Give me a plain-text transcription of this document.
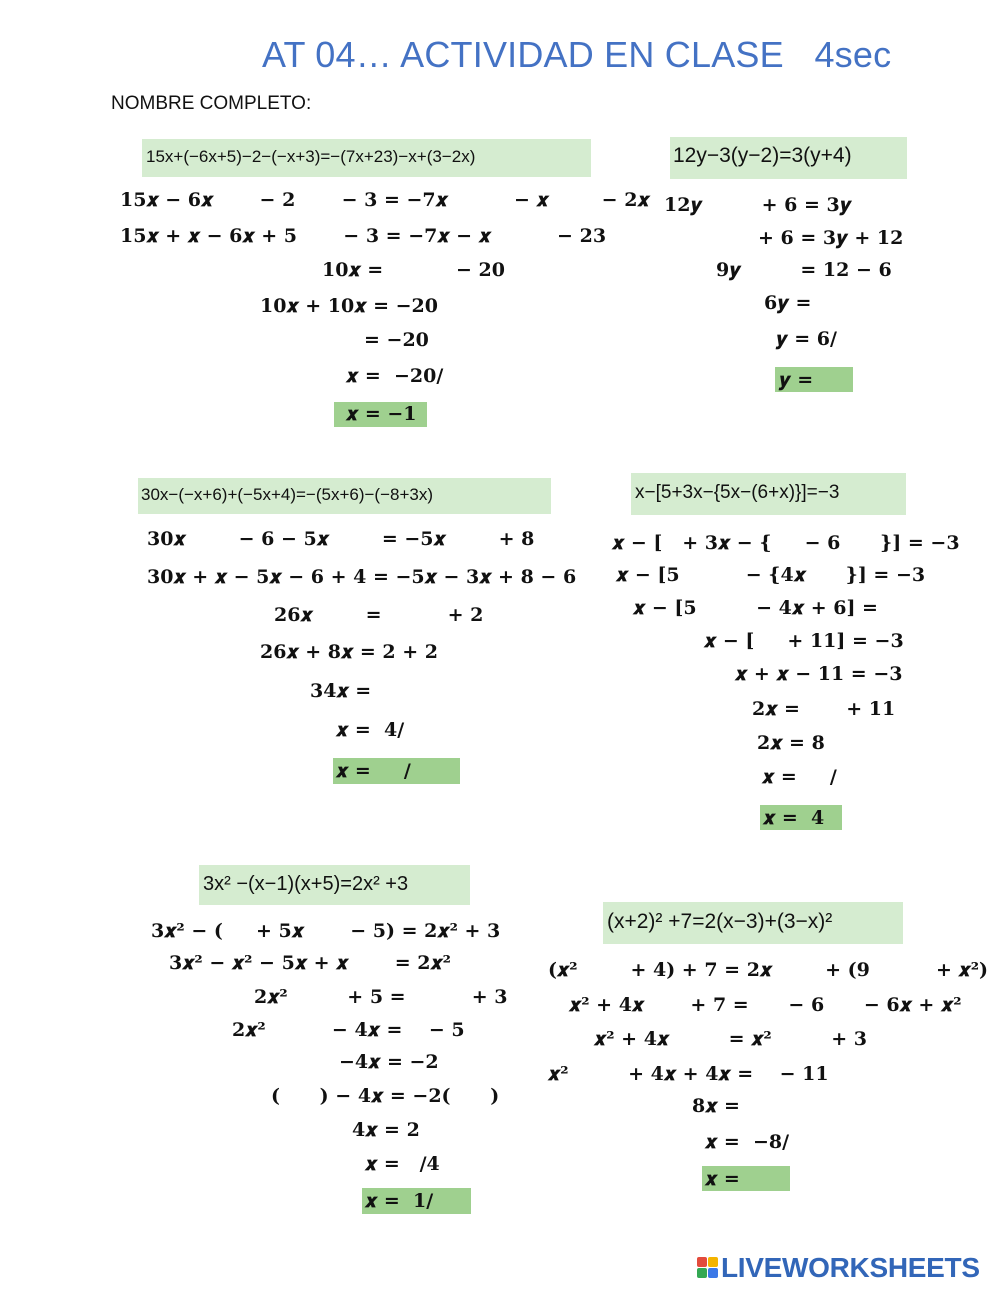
AT 04… ACTIVIDAD EN CLASE   4sec
NOMBRE COMPLETO:
15x+(−6x+5)−2−(−x+3)=−(7x+23)−x+(3−2x)
15𝒙 − 6𝒙       − 2       − 3 = −7𝒙          − 𝒙        − 2𝒙
15𝒙 + 𝒙 − 6𝒙 + 5       − 3 = −7𝒙 − 𝒙          − 23
10𝒙 =           − 20
10𝒙 + 10𝒙 = −20
= −20
𝒙 =  −20/
𝒙 = −1
12y−3(y−2)=3(y+4)
12𝒚         + 6 = 3𝒚
+ 6 = 3𝒚 + 12
9𝒚         = 12 − 6
6𝒚 =
𝒚 = 6/
𝒚 =
30x−(−x+6)+(−5x+4)=−(5x+6)−(−8+3x)
30𝒙        − 6 − 5𝒙        = −5𝒙        + 8
30𝒙 + 𝒙 − 5𝒙 − 6 + 4 = −5𝒙 − 3𝒙 + 8 − 6
26𝒙        =          + 2
26𝒙 + 8𝒙 = 2 + 2
34𝒙 =
𝒙 =  4/
𝒙 =     /
x−[5+3x−{5x−(6+x)}]=−3
𝒙 − [   + 3𝒙 − {     − 6      }] = −3
𝒙 − [5          − {4𝒙      }] = −3
𝒙 − [5         − 4𝒙 + 6] =
𝒙 − [     + 11] = −3
𝒙 + 𝒙 − 11 = −3
2𝒙 =       + 11
2𝒙 = 8
𝒙 =     /
𝒙 =  4
3x² −(x−1)(x+5)=2x² +3
3𝒙² − (     + 5𝒙       − 5) = 2𝒙² + 3
3𝒙² − 𝒙² − 5𝒙 + 𝒙       = 2𝒙²
2𝒙²         + 5 =          + 3
2𝒙²          − 4𝒙 =    − 5
−4𝒙 = −2
(      ) − 4𝒙 = −2(      )
4𝒙 = 2
𝒙 =   /4
𝒙 =  1/
(x+2)² +7=2(x−3)+(3−x)²
(𝒙²        + 4) + 7 = 2𝒙        + (9          + 𝒙²)
𝒙² + 4𝒙       + 7 =      − 6      − 6𝒙 + 𝒙²
𝒙² + 4𝒙         = 𝒙²         + 3
𝒙²         + 4𝒙 + 4𝒙 =    − 11
8𝒙 =
𝒙 =  −8/
𝒙 =
LIVEWORKSHEETS
